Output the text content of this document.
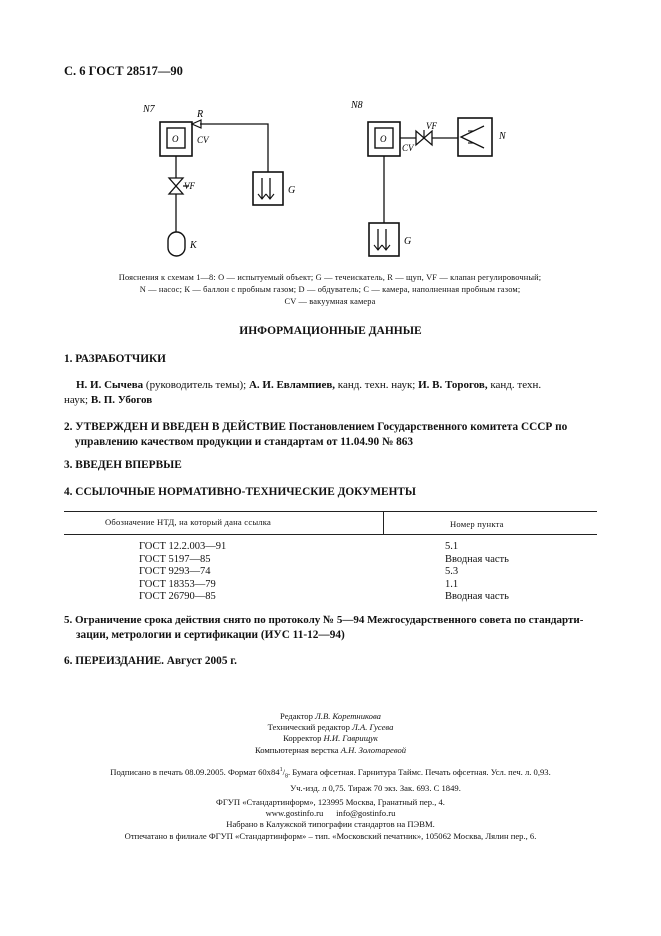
С. 6 ГОСТ 28517—90
N7	R
О CV
G
VF
К
N8
О
CV
VF
N
G
Пояснения к схемам 1—8: О — испытуемый объект; G — течеискатель, R — щуп, VF — клапан регулировочный;
N — насос; К — баллон с пробным газом; D — обдуватель; С — камера, наполненная пробным газом;
CV — вакуумная камера
ИНФОРМАЦИОННЫЕ ДАННЫЕ
1. РАЗРАБОТЧИКИ
Н. И. Сычева (руководитель темы); А. И. Евлампиев, канд. техн. наук; И. В. Торогов, канд. техн.
наук; В. П. Убогов
2. УТВЕРЖДЕН И ВВЕДЕН В ДЕЙСТВИЕ Постановлением Государственного комитета СССР по
управлению качеством продукции и стандартам от 11.04.90 № 863
3. ВВЕДЕН ВПЕРВЫЕ
4. ССЫЛОЧНЫЕ НОРМАТИВНО-ТЕХНИЧЕСКИЕ ДОКУМЕНТЫ
Обозначение НТД, на который дана ссылка	Номер пункта
ГОСТ 12.2.003—91
ГОСТ 5197—85
ГОСТ 9293—74
ГОСТ 18353—79
ГОСТ 26790—85
5.1
Вводная часть
5.3
1.1
Вводная часть
5. Ограничение срока действия снято по протоколу № 5—94 Межгосударственного совета по стандарти-
зации, метрологии и сертификации (ИУС 11-12—94)
6. ПЕРЕИЗДАНИЕ. Август 2005 г.
Редактор Л.В. Коретникова
Технический редактор Л.А. Гусева
Корректор Н.И. Гаврищук
Компьютерная верстка А.Н. Золотаревой
Подписано в печать 08.09.2005. Формат $60x84^1/_8$. Бумага офсетная. Гарнитура Таймс. Печать офсетная. Усл. печ. л. 0,93.
Уч.-изд. л 0,75. Тираж 70 экз. Зак. 693. С 1849.
ФГУП «Стандартинформ», 123995 Москва, Гранатный пер., 4.
www.gostinfo.ru      info@gostinfo.ru
Набрано в Калужской типографии стандартов на ПЭВМ.
Отпечатано в филиале ФГУП «Стандартинформ» – тип. «Московский печатник», 105062 Москва, Лялин пер., 6.
